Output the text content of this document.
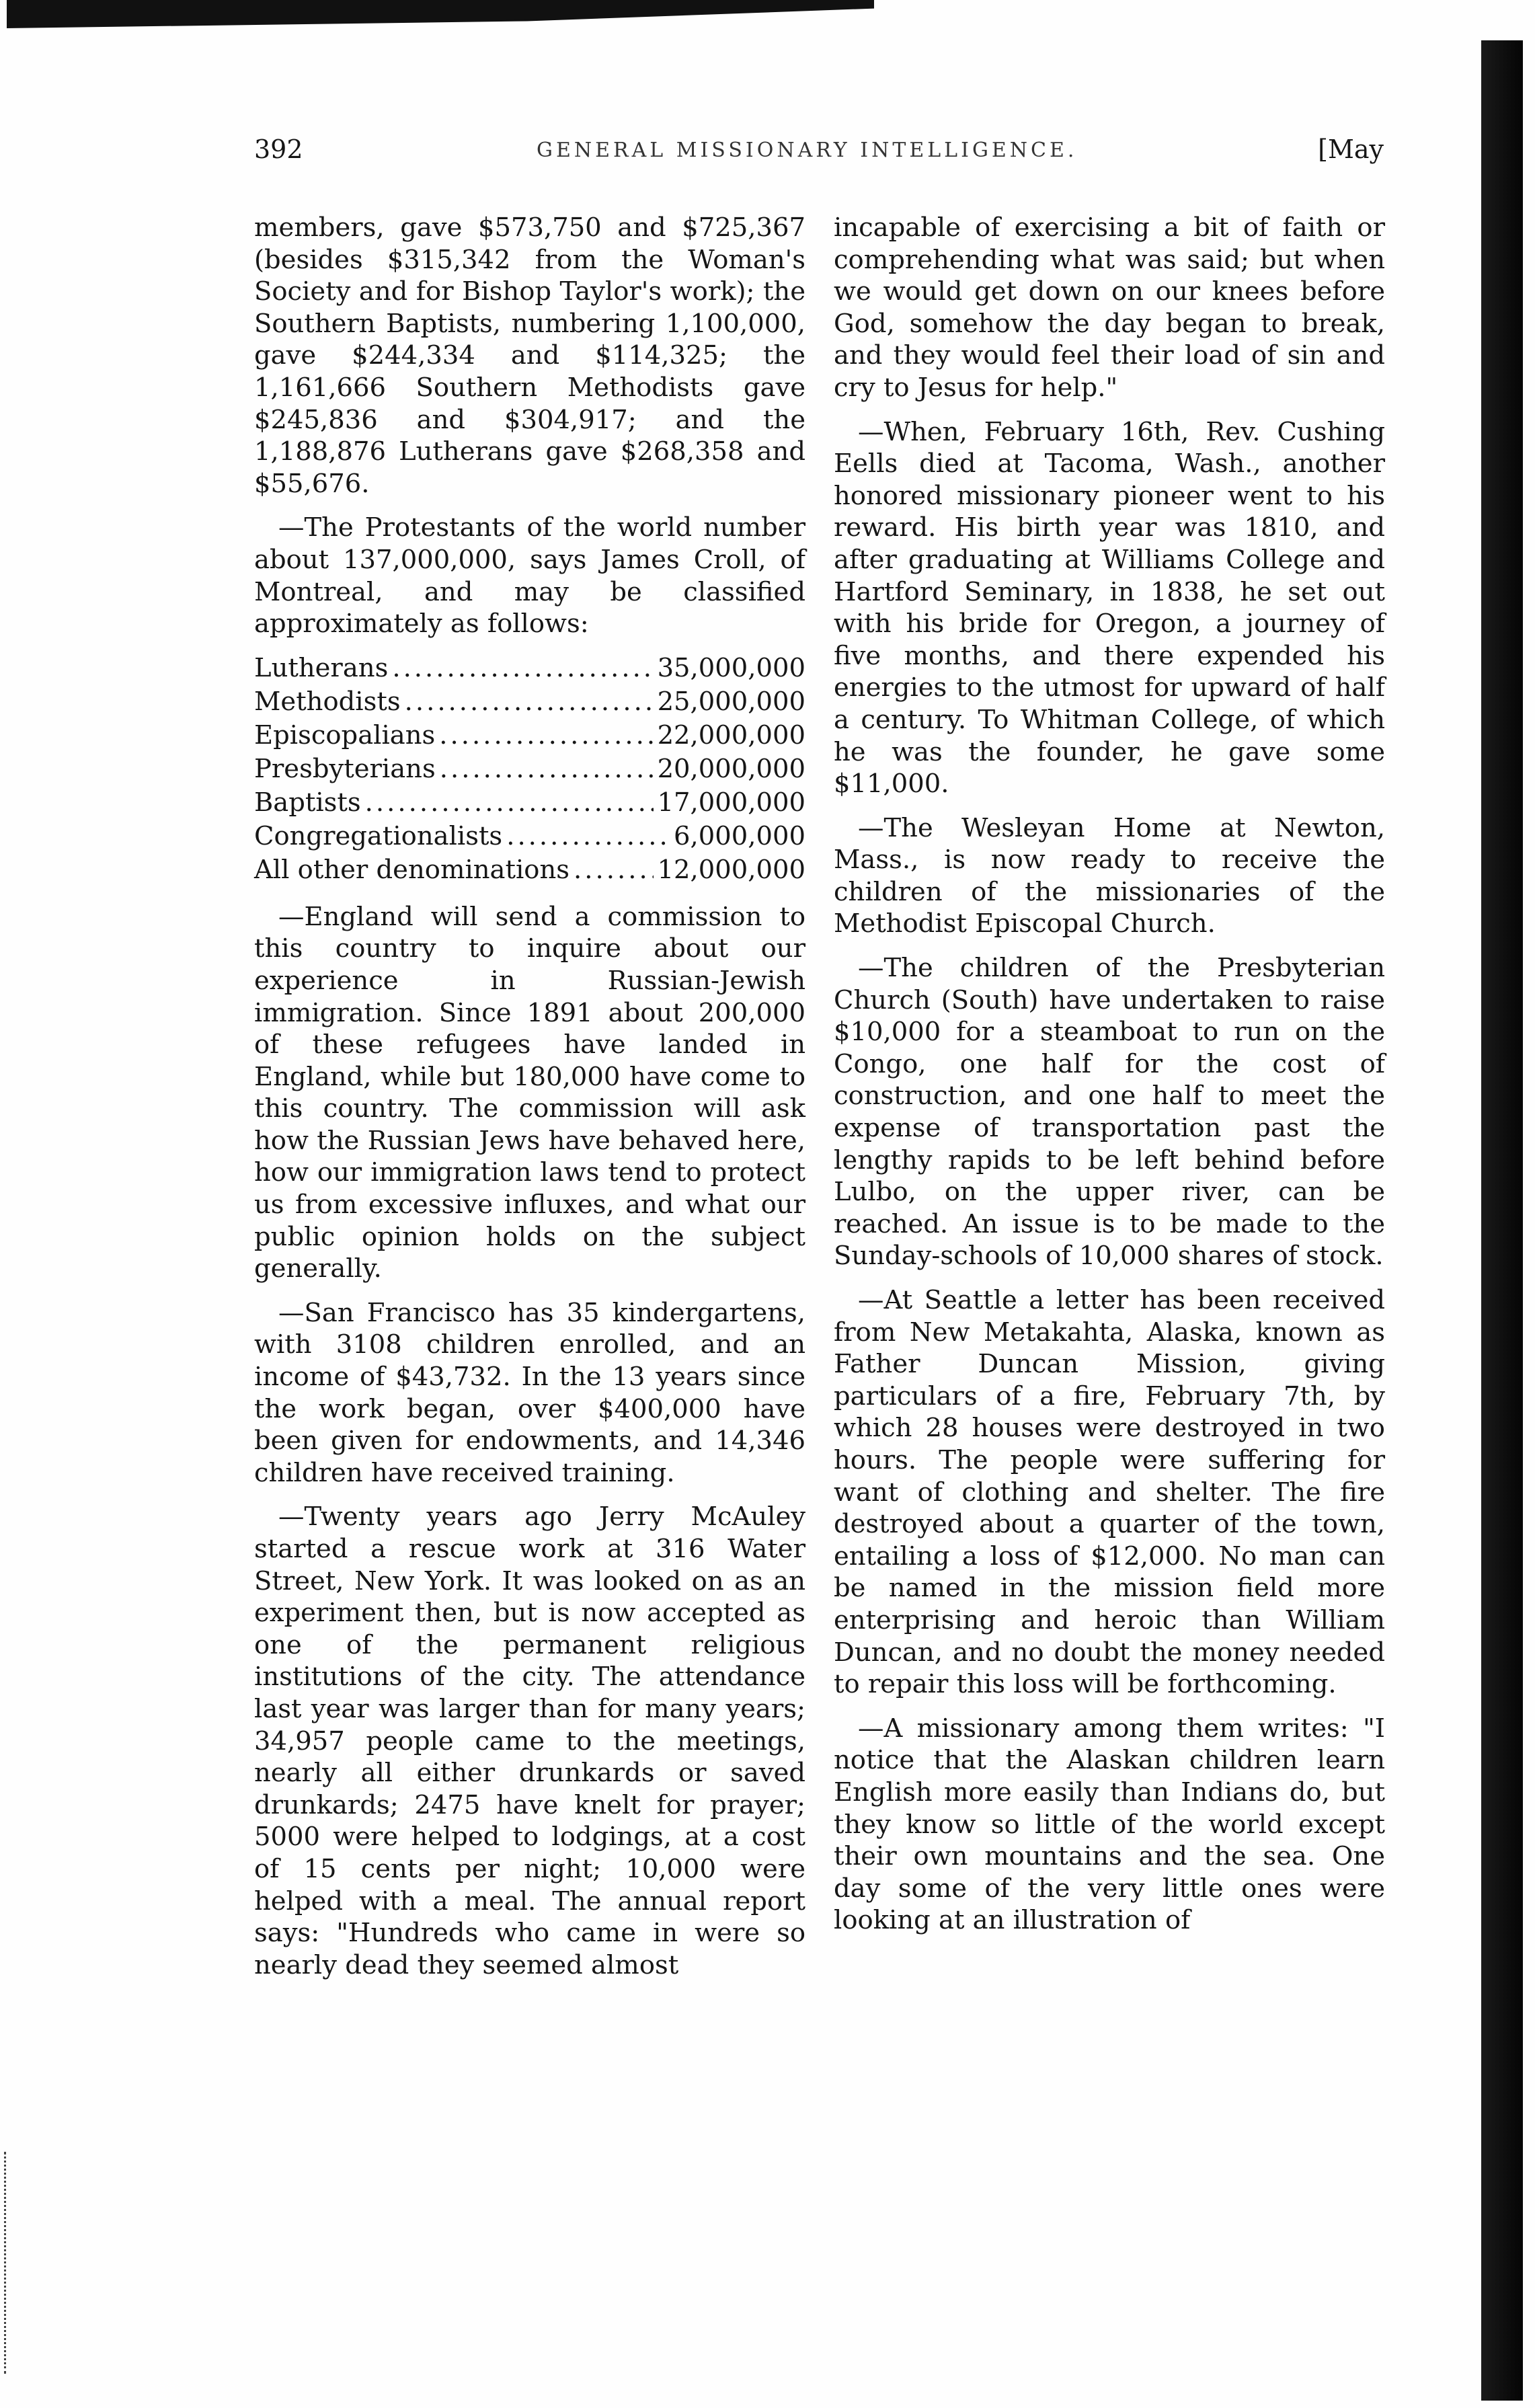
392	GENERAL MISSIONARY INTELLIGENCE.	[May

members, gave $573,750 and $725,367 (besides $315,342 from the Woman's Society and for Bishop Taylor's work); the Southern Baptists, numbering 1,100,000, gave $244,334 and $114,325; the 1,161,666 Southern Methodists gave $245,836 and $304,917; and the 1,188,876 Lutherans gave $268,358 and $55,676.

—The Protestants of the world number about 137,000,000, says James Croll, of Montreal, and may be classified approximately as follows:

Lutherans .....	35,000,000
Methodists .....	25,000,000
Episcopalians .....	22,000,000
Presbyterians .....	20,000,000
Baptists .....	17,000,000
Congregationalists .....	6,000,000
All other denominations .....	12,000,000

—England will send a commission to this country to inquire about our experience in Russian-Jewish immigration. Since 1891 about 200,000 of these refugees have landed in England, while but 180,000 have come to this country. The commission will ask how the Russian Jews have behaved here, how our immigration laws tend to protect us from excessive influxes, and what our public opinion holds on the subject generally.

—San Francisco has 35 kindergartens, with 3108 children enrolled, and an income of $43,732. In the 13 years since the work began, over $400,000 have been given for endowments, and 14,346 children have received training.

—Twenty years ago Jerry McAuley started a rescue work at 316 Water Street, New York. It was looked on as an experiment then, but is now accepted as one of the permanent religious institutions of the city. The attendance last year was larger than for many years; 34,957 people came to the meetings, nearly all either drunkards or saved drunkards; 2475 have knelt for prayer; 5000 were helped to lodgings, at a cost of 15 cents per night; 10,000 were helped with a meal. The annual report says: "Hundreds who came in were so nearly dead they seemed almost

incapable of exercising a bit of faith or comprehending what was said; but when we would get down on our knees before God, somehow the day began to break, and they would feel their load of sin and cry to Jesus for help."

—When, February 16th, Rev. Cushing Eells died at Tacoma, Wash., another honored missionary pioneer went to his reward. His birth year was 1810, and after graduating at Williams College and Hartford Seminary, in 1838, he set out with his bride for Oregon, a journey of five months, and there expended his energies to the utmost for upward of half a century. To Whitman College, of which he was the founder, he gave some $11,000.

—The Wesleyan Home at Newton, Mass., is now ready to receive the children of the missionaries of the Methodist Episcopal Church.

—The children of the Presbyterian Church (South) have undertaken to raise $10,000 for a steamboat to run on the Congo, one half for the cost of construction, and one half to meet the expense of transportation past the lengthy rapids to be left behind before Lulbo, on the upper river, can be reached. An issue is to be made to the Sunday-schools of 10,000 shares of stock.

—At Seattle a letter has been received from New Metakahta, Alaska, known as Father Duncan Mission, giving particulars of a fire, February 7th, by which 28 houses were destroyed in two hours. The people were suffering for want of clothing and shelter. The fire destroyed about a quarter of the town, entailing a loss of $12,000. No man can be named in the mission field more enterprising and heroic than William Duncan, and no doubt the money needed to repair this loss will be forthcoming.

—A missionary among them writes: "I notice that the Alaskan children learn English more easily than Indians do, but they know so little of the world except their own mountains and the sea. One day some of the very little ones were looking at an illustration of
